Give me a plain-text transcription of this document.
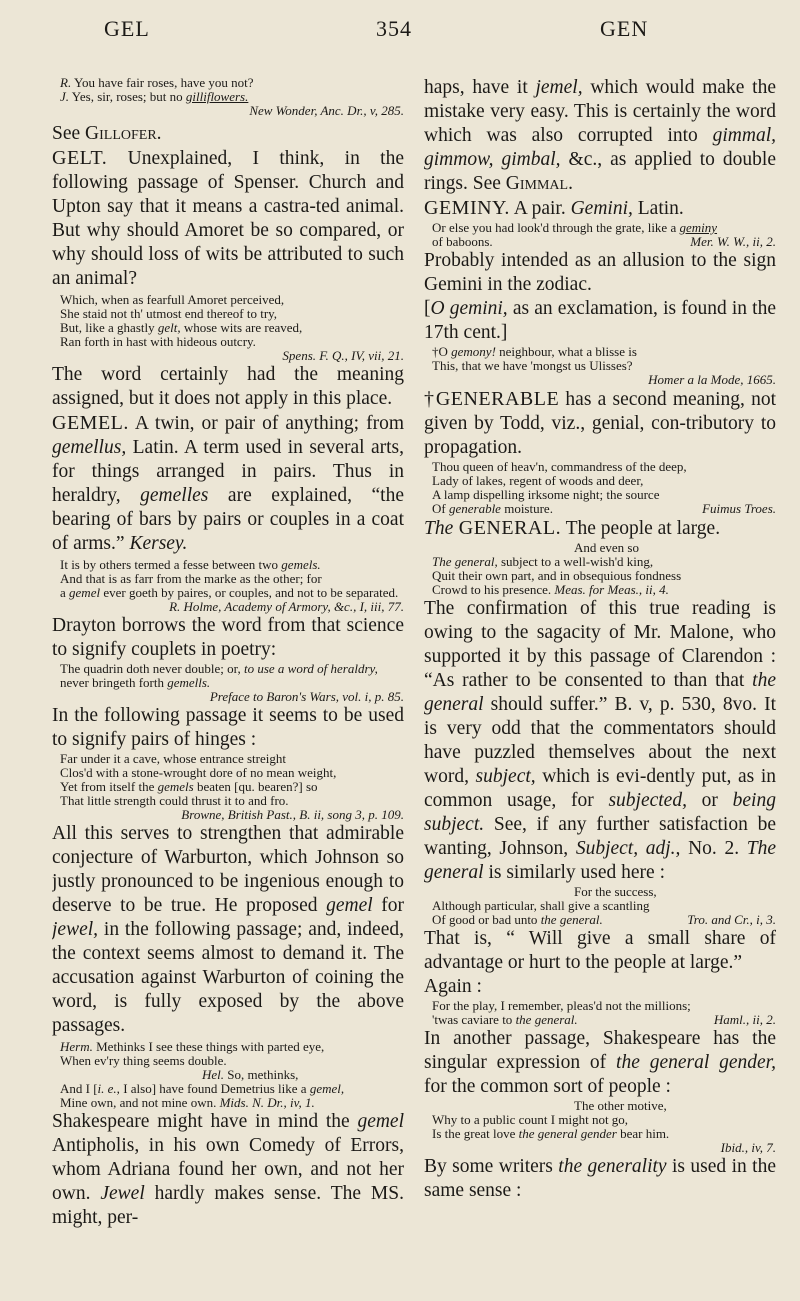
GEL	354	GEN
R. You have fair roses, have you not?
J. Yes, sir, roses; but no gilliflowers.
New Wonder, Anc. Dr., v, 285.

See Gillofer.

GELT. Unexplained, I think, in the following passage of Spenser. Church and Upton say that it means a castra-ted animal. But why should Amoret be so compared, or why should loss of wits be attributed to such an animal?

Which, when as fearfull Amoret perceived,
She staid not th' utmost end thereof to try,
But, like a ghastly gelt, whose wits are reaved,
Ran forth in hast with hideous outcry.
Spens. F. Q., IV, vii, 21.

The word certainly had the meaning assigned, but it does not apply in this place.

GEMEL. A twin, or pair of anything; from gemellus, Latin. A term used in several arts, for things arranged in pairs. Thus in heraldry, gemelles are explained, “the bearing of bars by pairs or couples in a coat of arms.” Kersey.

It is by others termed a fesse between two gemels.
And that is as farr from the marke as the other; for
a gemel ever goeth by paires, or couples, and not to be separated.
R. Holme, Academy of Armory, &c., I, iii, 77.

Drayton borrows the word from that science to signify couplets in poetry:

The quadrin doth never double; or, to use a word of heraldry, never bringeth forth gemells.
Preface to Baron's Wars, vol. i, p. 85.

In the following passage it seems to be used to signify pairs of hinges :

Far under it a cave, whose entrance streight
Clos'd with a stone-wrought dore of no mean weight,
Yet from itself the gemels beaten [qu. bearen?] so
That little strength could thrust it to and fro.
Browne, British Past., B. ii, song 3, p. 109.

All this serves to strengthen that admirable conjecture of Warburton, which Johnson so justly pronounced to be ingenious enough to deserve to be true. He proposed gemel for jewel, in the following passage; and, indeed, the context seems almost to demand it. The accusation against Warburton of coining the word, is fully exposed by the above passages.

Herm. Methinks I see these things with parted eye,
When ev'ry thing seems double.
Hel. So, methinks,
And I [i. e., I also] have found Demetrius like a gemel,
Mine own, and not mine own. Mids. N. Dr., iv, 1.

Shakespeare might have in mind the gemel Antipholis, in his own Comedy of Errors, whom Adriana found her own, and not her own. Jewel hardly makes sense. The MS. might, per-

haps, have it jemel, which would make the mistake very easy. This is certainly the word which was also corrupted into gimmal, gimmow, gimbal, &c., as applied to double rings. See Gimmal.

GEMINY. A pair. Gemini, Latin.

Or else you had look'd through the grate, like a geminy
of baboons.	Mer. W. W., ii, 2.

Probably intended as an allusion to the sign Gemini in the zodiac.

[O gemini, as an exclamation, is found in the 17th cent.]

†O gemony! neighbour, what a blisse is
This, that we have 'mongst us Ulisses?
Homer a la Mode, 1665.

†GENERABLE has a second meaning, not given by Todd, viz., genial, con-tributory to propagation.

Thou queen of heav'n, commandress of the deep,
Lady of lakes, regent of woods and deer,
A lamp dispelling irksome night; the source
Of generable moisture.	Fuimus Troes.

The GENERAL. The people at large.

And even so
The general, subject to a well-wish'd king,
Quit their own part, and in obsequious fondness
Crowd to his presence. Meas. for Meas., ii, 4.

The confirmation of this true reading is owing to the sagacity of Mr. Malone, who supported it by this passage of Clarendon : “As rather to be consented to than that the general should suffer.” B. v, p. 530, 8vo. It is very odd that the commentators should have puzzled themselves about the next word, subject, which is evi-dently put, as in common usage, for subjected, or being subject. See, if any further satisfaction be wanting, Johnson, Subject, adj., No. 2. The general is similarly used here :

For the success,
Although particular, shall give a scantling
Of good or bad unto the general.	Tro. and Cr., i, 3.

That is, “ Will give a small share of advantage or hurt to the people at large.”

Again :

For the play, I remember, pleas'd not the millions;
'twas caviare to the general.	Haml., ii, 2.

In another passage, Shakespeare has the singular expression of the general gender, for the common sort of people :

The other motive,
Why to a public count I might not go,
Is the great love the general gender bear him.
Ibid., iv, 7.

By some writers the generality is used in the same sense :
